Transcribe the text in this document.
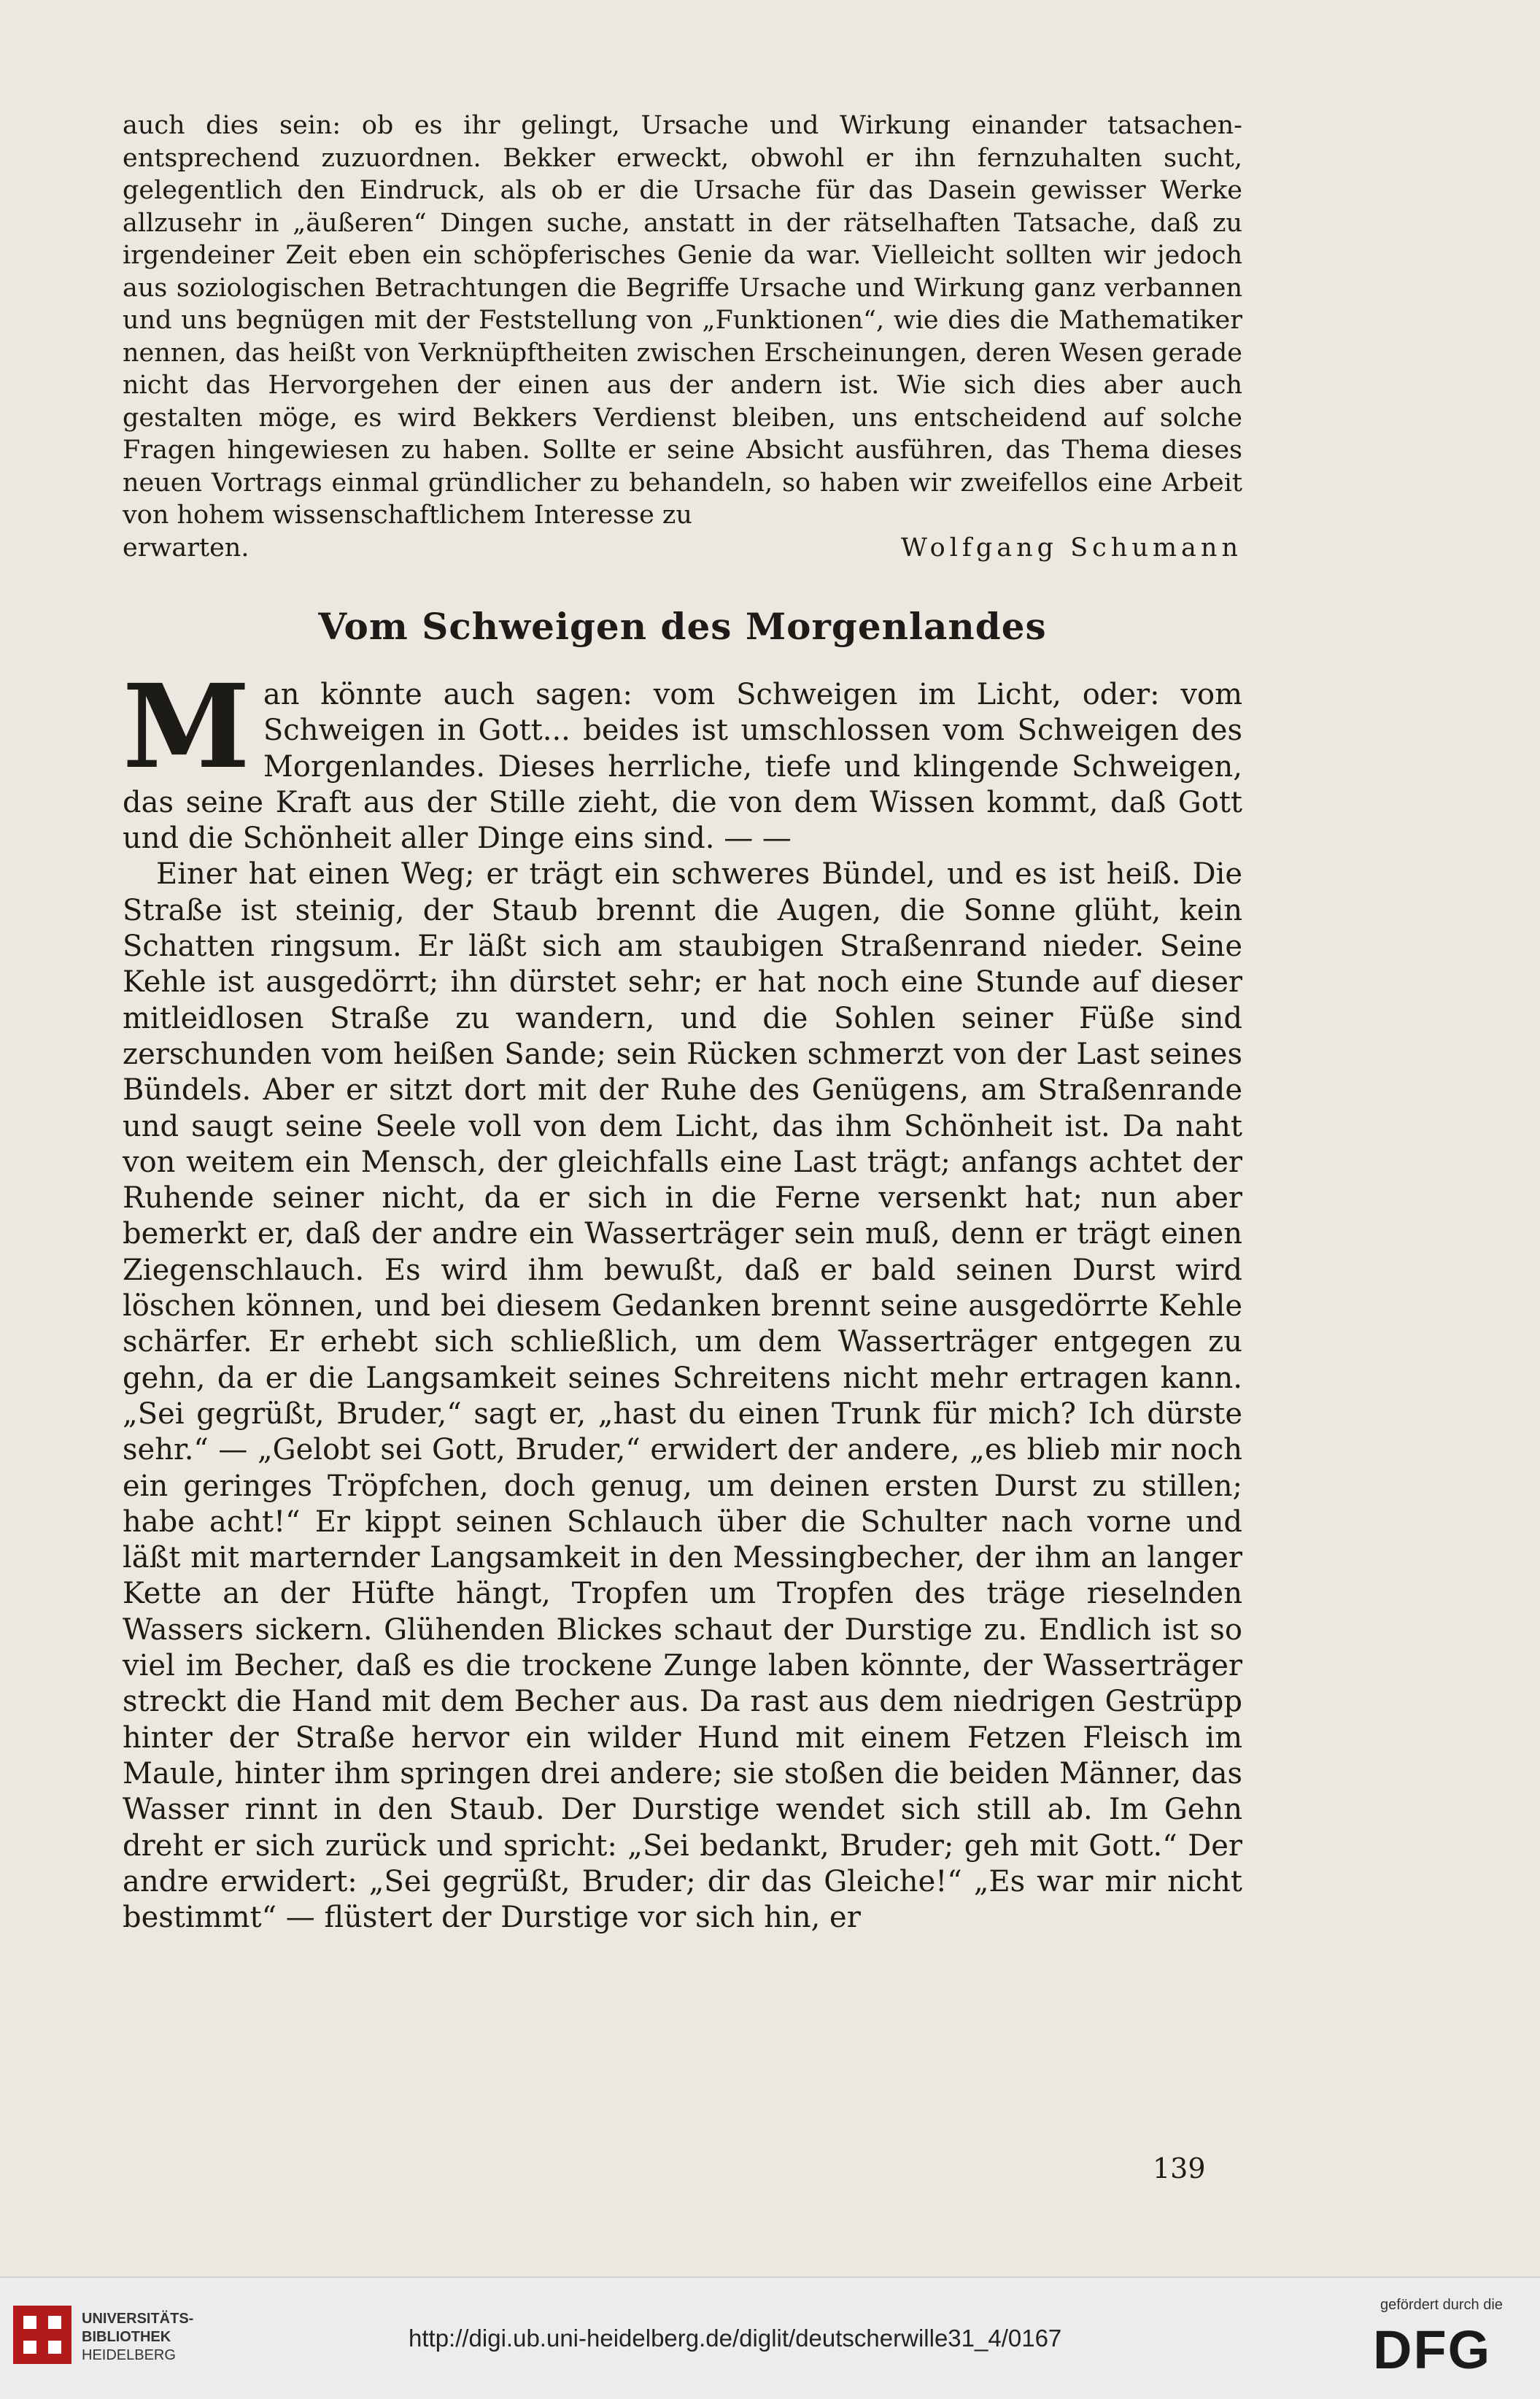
auch dies sein: ob es ihr gelingt, Ursache und Wirkung einander tatsachen-entsprechend zuzuordnen. Bekker erweckt, obwohl er ihn fernzuhalten sucht, gelegentlich den Eindruck, als ob er die Ursache für das Dasein gewisser Werke allzusehr in „äußeren“ Dingen suche, anstatt in der rätselhaften Tatsache, daß zu irgendeiner Zeit eben ein schöpferisches Genie da war. Vielleicht sollten wir jedoch aus soziologischen Betrachtungen die Begriffe Ursache und Wirkung ganz verbannen und uns begnügen mit der Feststellung von „Funktionen“, wie dies die Mathematiker nennen, das heißt von Verknüpftheiten zwischen Erscheinungen, deren Wesen gerade nicht das Hervorgehen der einen aus der andern ist. Wie sich dies aber auch gestalten möge, es wird Bekkers Verdienst bleiben, uns entscheidend auf solche Fragen hingewiesen zu haben. Sollte er seine Absicht ausführen, das Thema dieses neuen Vortrags einmal gründlicher zu behandeln, so haben wir zweifellos eine Arbeit von hohem wissenschaftlichem Interesse zu

erwarten.	Wolfgang Schumann
Vom Schweigen des Morgenlandes

Man könnte auch sagen: vom Schweigen im Licht, oder: vom Schweigen in Gott... beides ist umschlossen vom Schweigen des Morgenlandes. Dieses herrliche, tiefe und klingende Schweigen, das seine Kraft aus der Stille zieht, die von dem Wissen kommt, daß Gott und die Schönheit aller Dinge eins sind. — —

Einer hat einen Weg; er trägt ein schweres Bündel, und es ist heiß. Die Straße ist steinig, der Staub brennt die Augen, die Sonne glüht, kein Schatten ringsum. Er läßt sich am staubigen Straßenrand nieder. Seine Kehle ist ausgedörrt; ihn dürstet sehr; er hat noch eine Stunde auf dieser mitleidlosen Straße zu wandern, und die Sohlen seiner Füße sind zerschunden vom heißen Sande; sein Rücken schmerzt von der Last seines Bündels. Aber er sitzt dort mit der Ruhe des Genügens, am Straßenrande und saugt seine Seele voll von dem Licht, das ihm Schönheit ist. Da naht von weitem ein Mensch, der gleichfalls eine Last trägt; anfangs achtet der Ruhende seiner nicht, da er sich in die Ferne versenkt hat; nun aber bemerkt er, daß der andre ein Wasserträger sein muß, denn er trägt einen Ziegenschlauch. Es wird ihm bewußt, daß er bald seinen Durst wird löschen können, und bei diesem Gedanken brennt seine ausgedörrte Kehle schärfer. Er erhebt sich schließlich, um dem Wasserträger entgegen zu gehn, da er die Langsamkeit seines Schreitens nicht mehr ertragen kann. „Sei gegrüßt, Bruder,“ sagt er, „hast du einen Trunk für mich? Ich dürste sehr.“ — „Gelobt sei Gott, Bruder,“ erwidert der andere, „es blieb mir noch ein geringes Tröpfchen, doch genug, um deinen ersten Durst zu stillen; habe acht!“ Er kippt seinen Schlauch über die Schulter nach vorne und läßt mit marternder Langsamkeit in den Messingbecher, der ihm an langer Kette an der Hüfte hängt, Tropfen um Tropfen des träge rieselnden Wassers sickern. Glühenden Blickes schaut der Durstige zu. Endlich ist so viel im Becher, daß es die trockene Zunge laben könnte, der Wasserträger streckt die Hand mit dem Becher aus. Da rast aus dem niedrigen Gestrüpp hinter der Straße hervor ein wilder Hund mit einem Fetzen Fleisch im Maule, hinter ihm springen drei andere; sie stoßen die beiden Männer, das Wasser rinnt in den Staub. Der Durstige wendet sich still ab. Im Gehn dreht er sich zurück und spricht: „Sei bedankt, Bruder; geh mit Gott.“ Der andre erwidert: „Sei gegrüßt, Bruder; dir das Gleiche!“ „Es war mir nicht bestimmt“ — flüstert der Durstige vor sich hin, er

139
UNIVERSITÄTS-
BIBLIOTHEK
HEIDELBERG
http://digi.ub.uni-heidelberg.de/diglit/deutscherwille31_4/0167
gefördert durch die
DFG
